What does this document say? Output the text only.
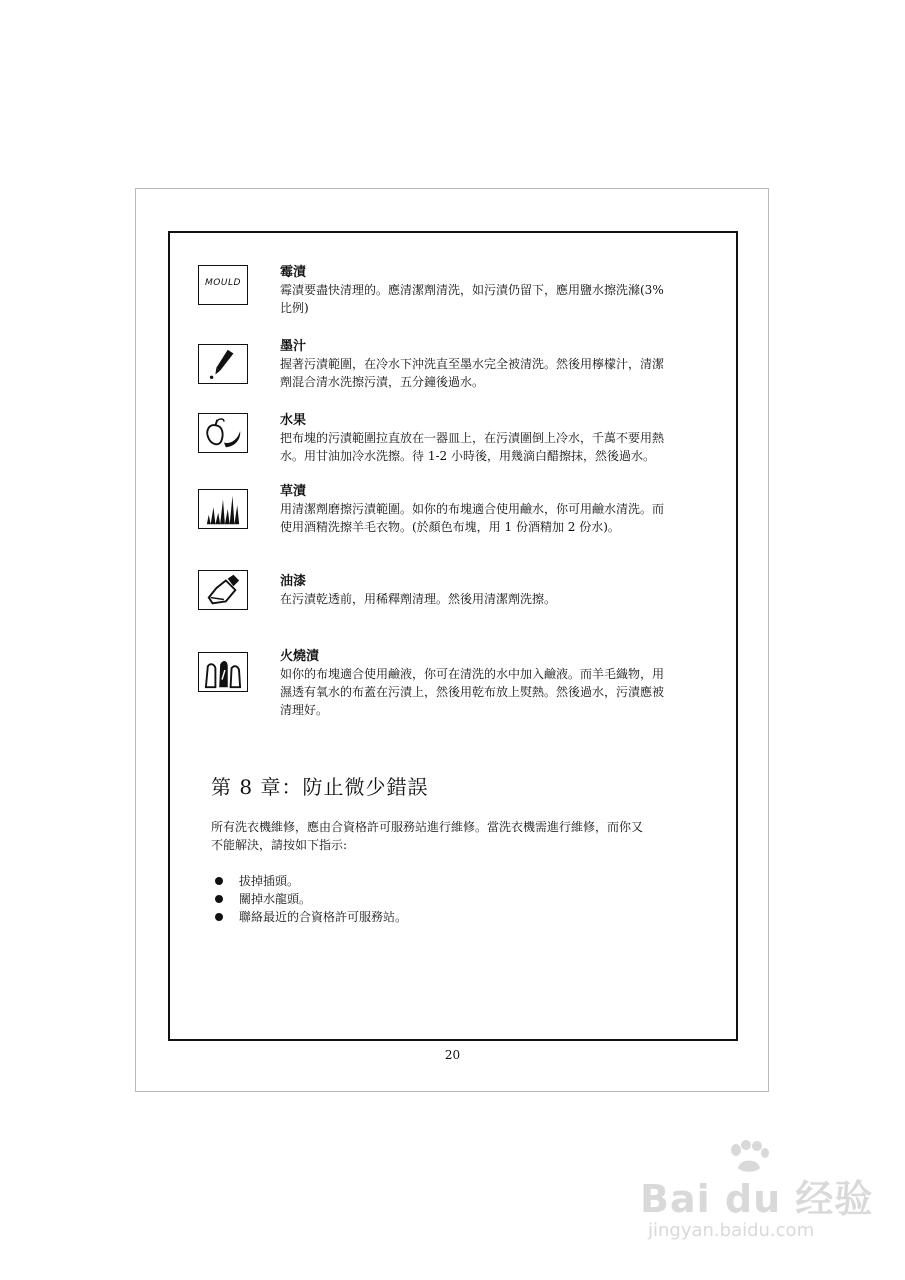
MOULD
霉漬
霉漬要盡快清理的。應清潔劑清洗，如污漬仍留下，應用鹽水擦洗滌(3%
比例)
墨汁
握著污漬範圍，在冷水下沖洗直至墨水完全被清洗。然後用檸檬汁，清潔
劑混合清水洗擦污漬，五分鐘後過水。
水果
把布塊的污漬範圍拉直放在一器皿上，在污漬圍倒上冷水，千萬不要用熱
水。用甘油加冷水洗擦。待 1-2 小時後，用幾滴白醋擦抹，然後過水。
草漬
用清潔劑磨擦污漬範圍。如你的布塊適合使用鹼水，你可用鹼水清洗。而
使用酒精洗擦羊毛衣物。(於顏色布塊，用 1 份酒精加 2 份水)。
油漆
在污漬乾透前，用稀釋劑清理。然後用清潔劑洗擦。
火燒漬
如你的布塊適合使用鹼液，你可在清洗的水中加入鹼液。而羊毛織物，用
濕透有氧水的布蓋在污漬上，然後用乾布放上熨熱。然後過水，污漬應被
清理好。
第 8 章：防止微少錯誤
所有洗衣機維修，應由合資格許可服務站進行維修。當洗衣機需進行維修，而你又
不能解決，請按如下指示:
拔掉插頭。
關掉水龍頭。
聯絡最近的合資格許可服務站。
20
Bai du 经验
jingyan.baidu.com
